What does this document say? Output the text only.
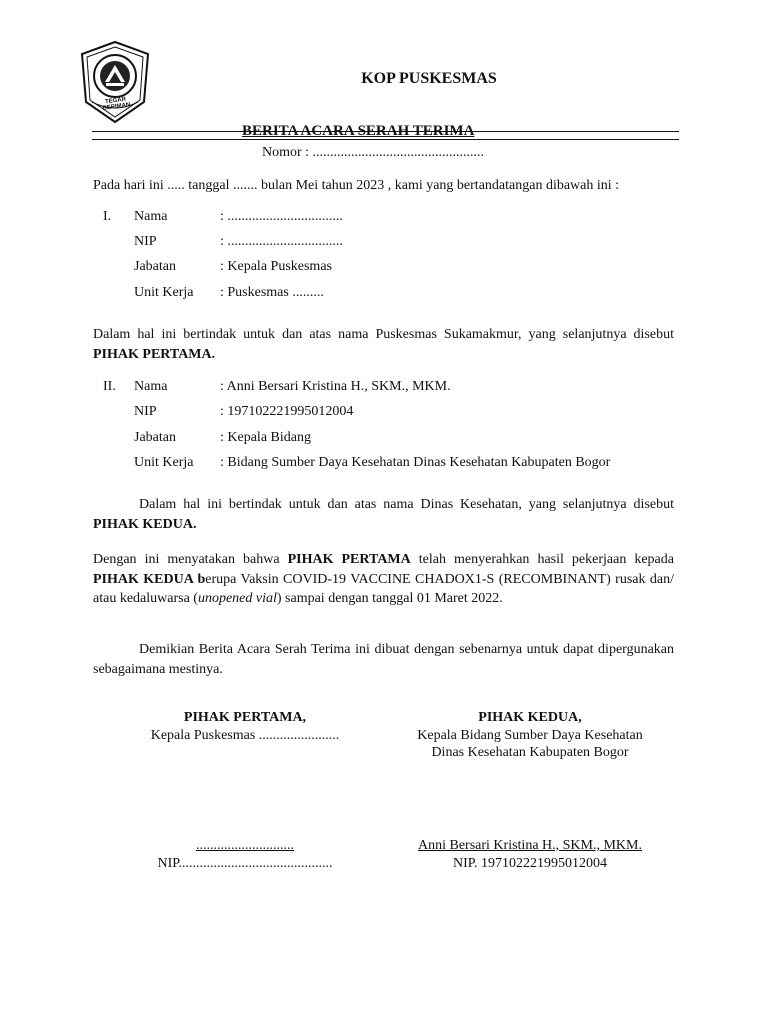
TEGAR BERIMAN
KOP PUSKESMAS
BERITA ACARA SERAH TERIMA
Nomor : .................................................
Pada hari ini ..... tanggal ....... bulan Mei tahun 2023 , kami yang bertandatangan dibawah ini :
I. Nama	: .................................
NIP	: .................................
Jabatan	: Kepala Puskesmas
Unit Kerja : Puskesmas .........
Dalam hal ini bertindak untuk dan atas nama Puskesmas Sukamakmur, yang selanjutnya disebut PIHAK PERTAMA.
II. Nama	: Anni Bersari Kristina H., SKM., MKM.
NIP	: 197102221995012004
Jabatan	: Kepala Bidang
Unit Kerja : Bidang Sumber Daya Kesehatan Dinas Kesehatan Kabupaten Bogor
Dalam hal ini bertindak untuk dan atas nama Dinas Kesehatan, yang selanjutnya disebut PIHAK KEDUA.
Dengan ini menyatakan bahwa PIHAK PERTAMA telah menyerahkan hasil pekerjaan kepada PIHAK KEDUA berupa Vaksin COVID-19 VACCINE CHADOX1-S (RECOMBINANT) rusak dan/ atau kedaluwarsa (unopened vial) sampai dengan tanggal 01 Maret 2022.
Demikian Berita Acara Serah Terima ini dibuat dengan sebenarnya untuk dapat dipergunakan sebagaimana mestinya.
PIHAK PERTAMA,
Kepala Puskesmas .......................
............................
NIP............................................
PIHAK KEDUA,
Kepala Bidang Sumber Daya Kesehatan
Dinas Kesehatan Kabupaten Bogor
Anni Bersari Kristina H., SKM., MKM.
NIP. 197102221995012004
